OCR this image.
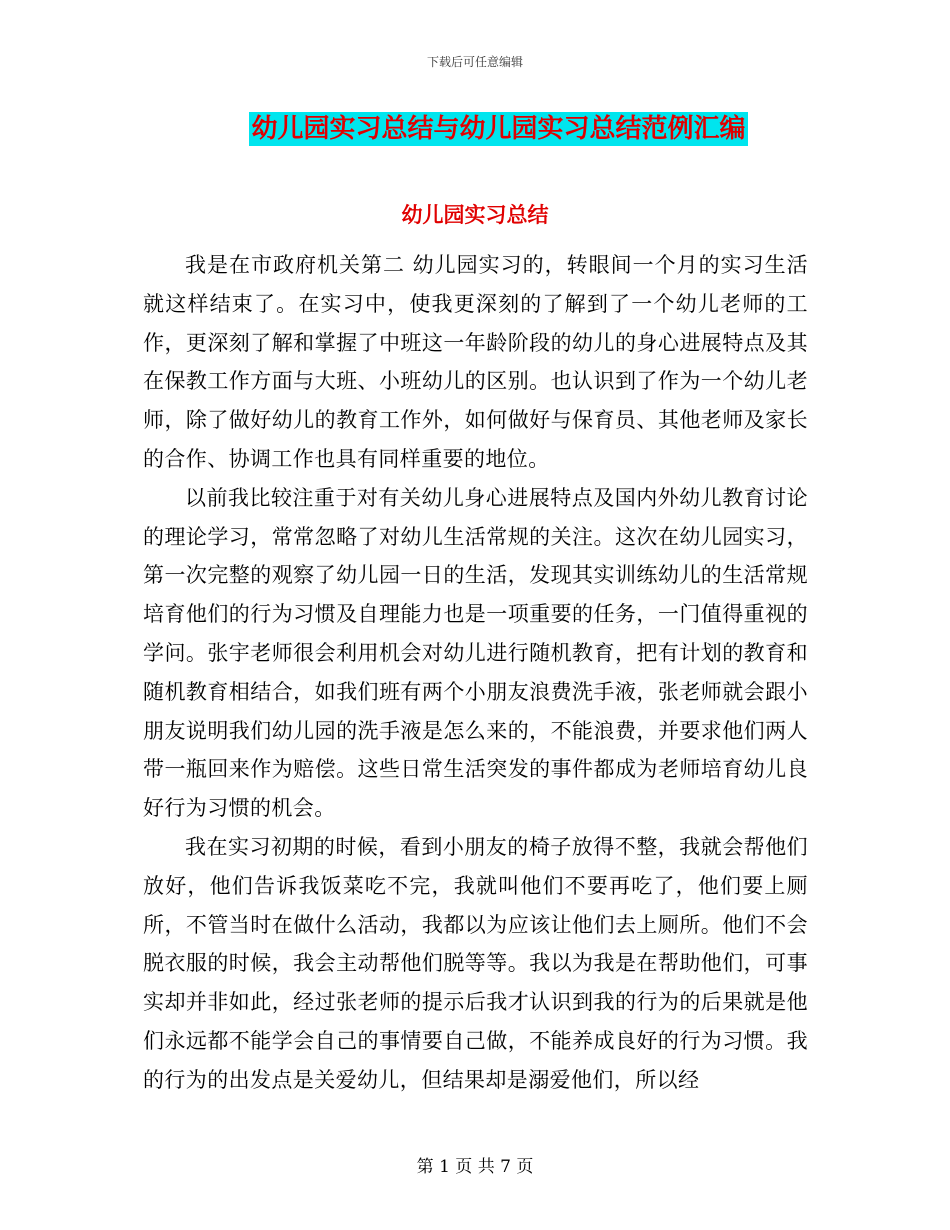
下载后可任意编辑
幼儿园实习总结与幼儿园实习总结范例汇编
幼儿园实习总结

我是在市政府机关第二 幼儿园实习的，转眼间一个月的实习生活就这样结束了。在实习中，使我更深刻的了解到了一个幼儿老师的工作，更深刻了解和掌握了中班这一年龄阶段的幼儿的身心进展特点及其在保教工作方面与大班、小班幼儿的区别。也认识到了作为一个幼儿老师，除了做好幼儿的教育工作外，如何做好与保育员、其他老师及家长的合作、协调工作也具有同样重要的地位。

以前我比较注重于对有关幼儿身心进展特点及国内外幼儿教育讨论的理论学习，常常忽略了对幼儿生活常规的关注。这次在幼儿园实习，第一次完整的观察了幼儿园一日的生活，发现其实训练幼儿的生活常规培育他们的行为习惯及自理能力也是一项重要的任务，一门值得重视的学问。张宇老师很会利用机会对幼儿进行随机教育，把有计划的教育和随机教育相结合，如我们班有两个小朋友浪费洗手液，张老师就会跟小朋友说明我们幼儿园的洗手液是怎么来的，不能浪费，并要求他们两人带一瓶回来作为赔偿。这些日常生活突发的事件都成为老师培育幼儿良好行为习惯的机会。

我在实习初期的时候，看到小朋友的椅子放得不整，我就会帮他们放好，他们告诉我饭菜吃不完，我就叫他们不要再吃了，他们要上厕所，不管当时在做什么活动，我都以为应该让他们去上厕所。他们不会脱衣服的时候，我会主动帮他们脱等等。我以为我是在帮助他们，可事实却并非如此，经过张老师的提示后我才认识到我的行为的后果就是他们永远都不能学会自己的事情要自己做，不能养成良好的行为习惯。我的行为的出发点是关爱幼儿，但结果却是溺爱他们，所以经

第 1 页 共 7 页
